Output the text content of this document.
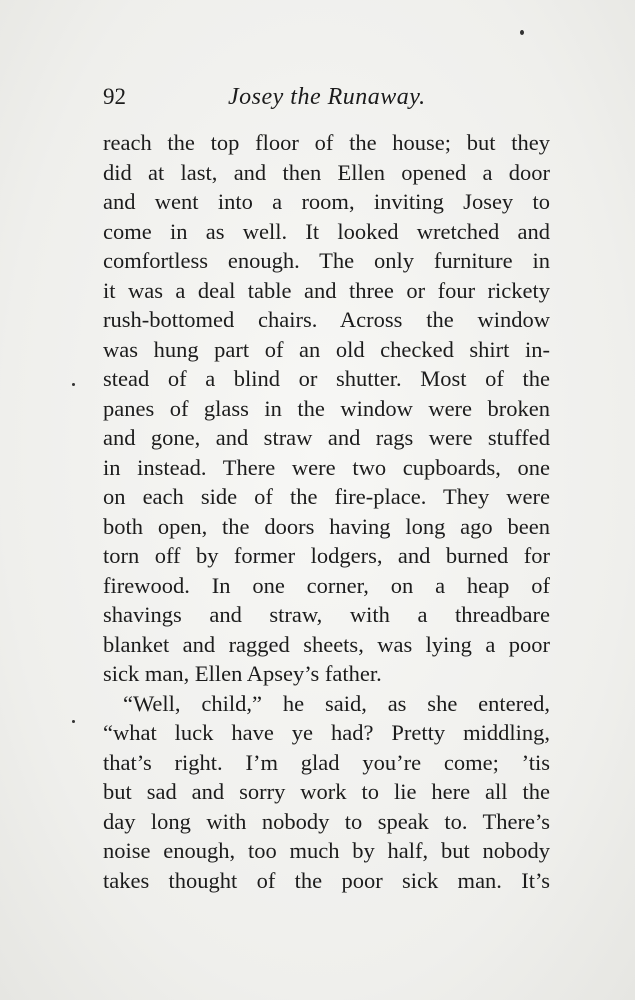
92	Josey the Runaway.
reach the top floor of the house; but they
did at last, and then Ellen opened a door
and went into a room, inviting Josey to
come in as well. It looked wretched and
comfortless enough. The only furniture in
it was a deal table and three or four rickety
rush-bottomed chairs. Across the window
was hung part of an old checked shirt in-
stead of a blind or shutter. Most of the
panes of glass in the window were broken
and gone, and straw and rags were stuffed
in instead. There were two cupboards, one
on each side of the fire-place. They were
both open, the doors having long ago been
torn off by former lodgers, and burned for
firewood. In one corner, on a heap of
shavings and straw, with a threadbare
blanket and ragged sheets, was lying a poor
sick man, Ellen Apsey’s father.
“Well, child,” he said, as she entered,
“what luck have ye had? Pretty middling,
that’s right. I’m glad you’re come; ’tis
but sad and sorry work to lie here all the
day long with nobody to speak to. There’s
noise enough, too much by half, but nobody
takes thought of the poor sick man. It’s
